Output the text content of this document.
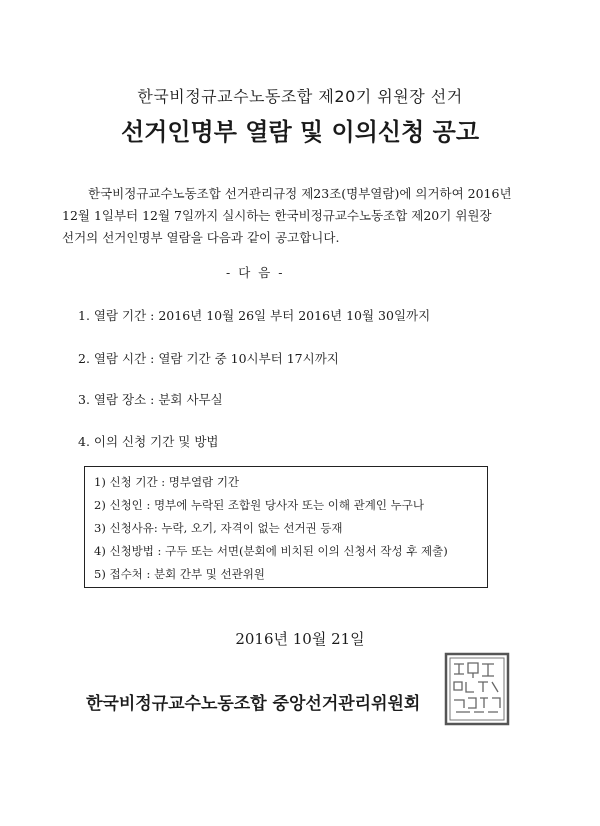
한국비정규교수노동조합 제20기 위원장 선거
선거인명부 열람 및 이의신청 공고
한국비정규교수노동조합 선거관리규정 제23조(명부열람)에 의거하여 2016년
12월 1일부터 12월 7일까지 실시하는 한국비정규교수노동조합 제20기 위원장
선거의 선거인명부 열람을 다음과 같이 공고합니다.
- 다 음 -
1. 열람 기간 : 2016년 10월 26일 부터 2016년 10월 30일까지
2. 열람 시간 : 열람 기간 중 10시부터 17시까지
3. 열람 장소 : 분회 사무실
4. 이의 신청 기간 및 방법
1) 신청 기간 : 명부열람 기간
2) 신청인 : 명부에 누락된 조합원 당사자 또는 이해 관계인 누구나
3) 신청사유: 누락, 오기, 자격이 없는 선거권 등재
4) 신청방법 : 구두 또는 서면(분회에 비치된 이의 신청서 작성 후 제출)
5) 접수처 : 분회 간부 및 선관위원
2016년 10월 21일
한국비정규교수노동조합 중앙선거관리위원회
